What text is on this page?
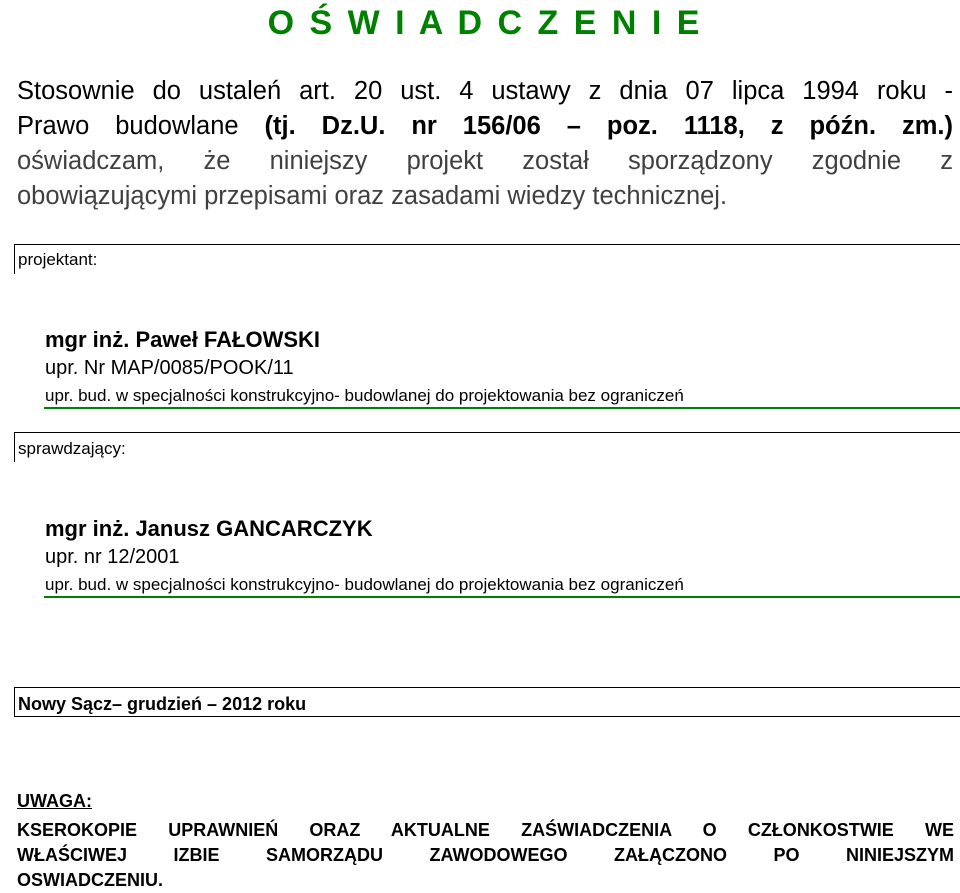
O Ś W I A D C Z E N I E
Stosownie do ustaleń art. 20 ust. 4 ustawy z dnia 07 lipca 1994 roku -
Prawo budowlane (tj. Dz.U. nr 156/06 – poz. 1118, z późn. zm.)
oświadczam, że niniejszy projekt został sporządzony zgodnie z
obowiązującymi przepisami oraz zasadami wiedzy technicznej.
projektant:
mgr inż. Paweł FAŁOWSKI
upr. Nr MAP/0085/POOK/11
upr. bud. w specjalności konstrukcyjno- budowlanej do projektowania bez ograniczeń
sprawdzający:
mgr inż. Janusz GANCARCZYK
upr. nr 12/2001
upr. bud. w specjalności konstrukcyjno- budowlanej do projektowania bez ograniczeń
Nowy Sącz– grudzień – 2012 roku
UWAGA:
KSEROKOPIE UPRAWNIEŃ ORAZ AKTUALNE ZAŚWIADCZENIA O CZŁONKOSTWIE WE
WŁAŚCIWEJ IZBIE SAMORZĄDU ZAWODOWEGO ZAŁĄCZONO PO NINIEJSZYM
OSWIADCZENIU.
